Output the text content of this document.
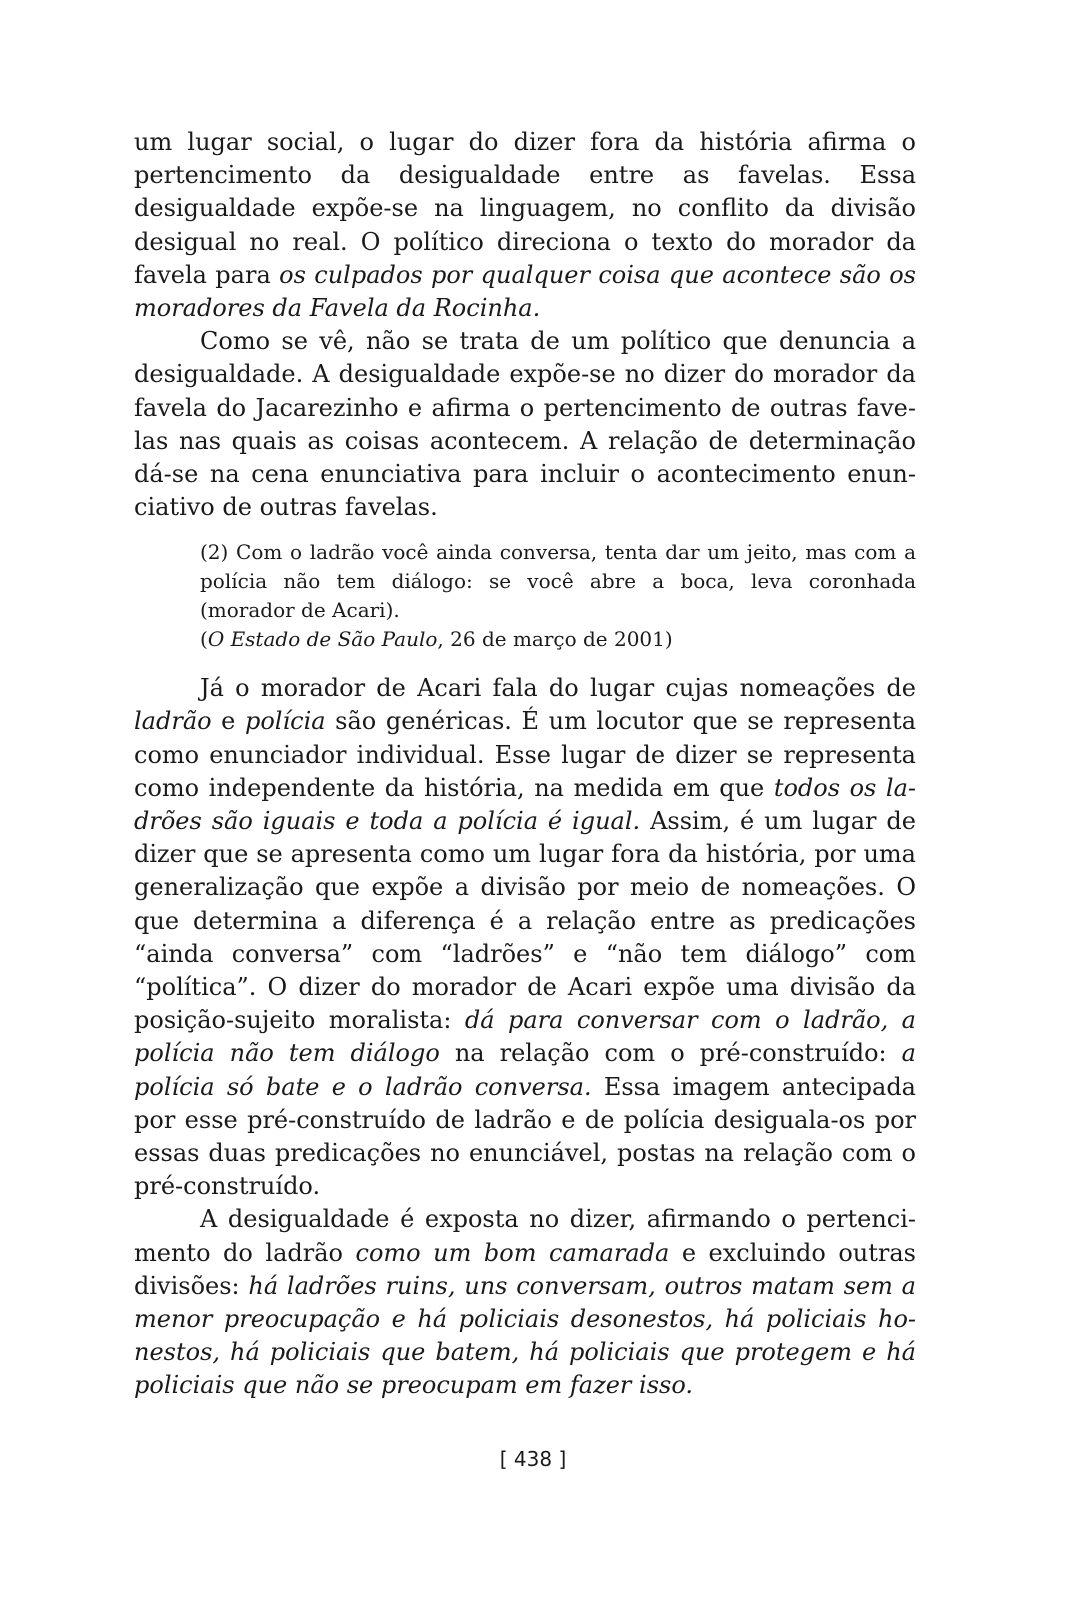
um lugar social, o lugar do dizer fora da história afirma o pertencimento da desigualdade entre as favelas. Essa desigualdade expõe-se na linguagem, no conflito da divisão desigual no real. O político direciona o texto do morador da favela para os culpados por qualquer coisa que acontece são os moradores da Favela da Rocinha.

Como se vê, não se trata de um político que denuncia a desigualdade. A desigualdade expõe-se no dizer do morador da favela do Jacarezinho e afirma o pertencimento de outras favelas nas quais as coisas acontecem. A relação de determinação dá-se na cena enunciativa para incluir o acontecimento enunciativo de outras favelas.

(2) Com o ladrão você ainda conversa, tenta dar um jeito, mas com a polícia não tem diálogo: se você abre a boca, leva coronhada (morador de Acari).

(O Estado de São Paulo, 26 de março de 2001)

Já o morador de Acari fala do lugar cujas nomeações de ladrão e polícia são genéricas. É um locutor que se representa como enunciador individual. Esse lugar de dizer se representa como independente da história, na medida em que todos os ladrões são iguais e toda a polícia é igual. Assim, é um lugar de dizer que se apresenta como um lugar fora da história, por uma generalização que expõe a divisão por meio de nomeações. O que determina a diferença é a relação entre as predicações “ainda conversa” com “ladrões” e “não tem diálogo” com “política”. O dizer do morador de Acari expõe uma divisão da posição-sujeito moralista: dá para conversar com o ladrão, a polícia não tem diálogo na relação com o pré-construído: a polícia só bate e o ladrão conversa. Essa imagem antecipada por esse pré-construído de ladrão e de polícia desiguala-os por essas duas predicações no enunciável, postas na relação com o pré-construído.

A desigualdade é exposta no dizer, afirmando o pertencimento do ladrão como um bom camarada e excluindo outras divisões: há ladrões ruins, uns conversam, outros matam sem a menor preocupação e há policiais desonestos, há policiais honestos, há policiais que batem, há policiais que protegem e há policiais que não se preocupam em fazer isso.

[ 438 ]
